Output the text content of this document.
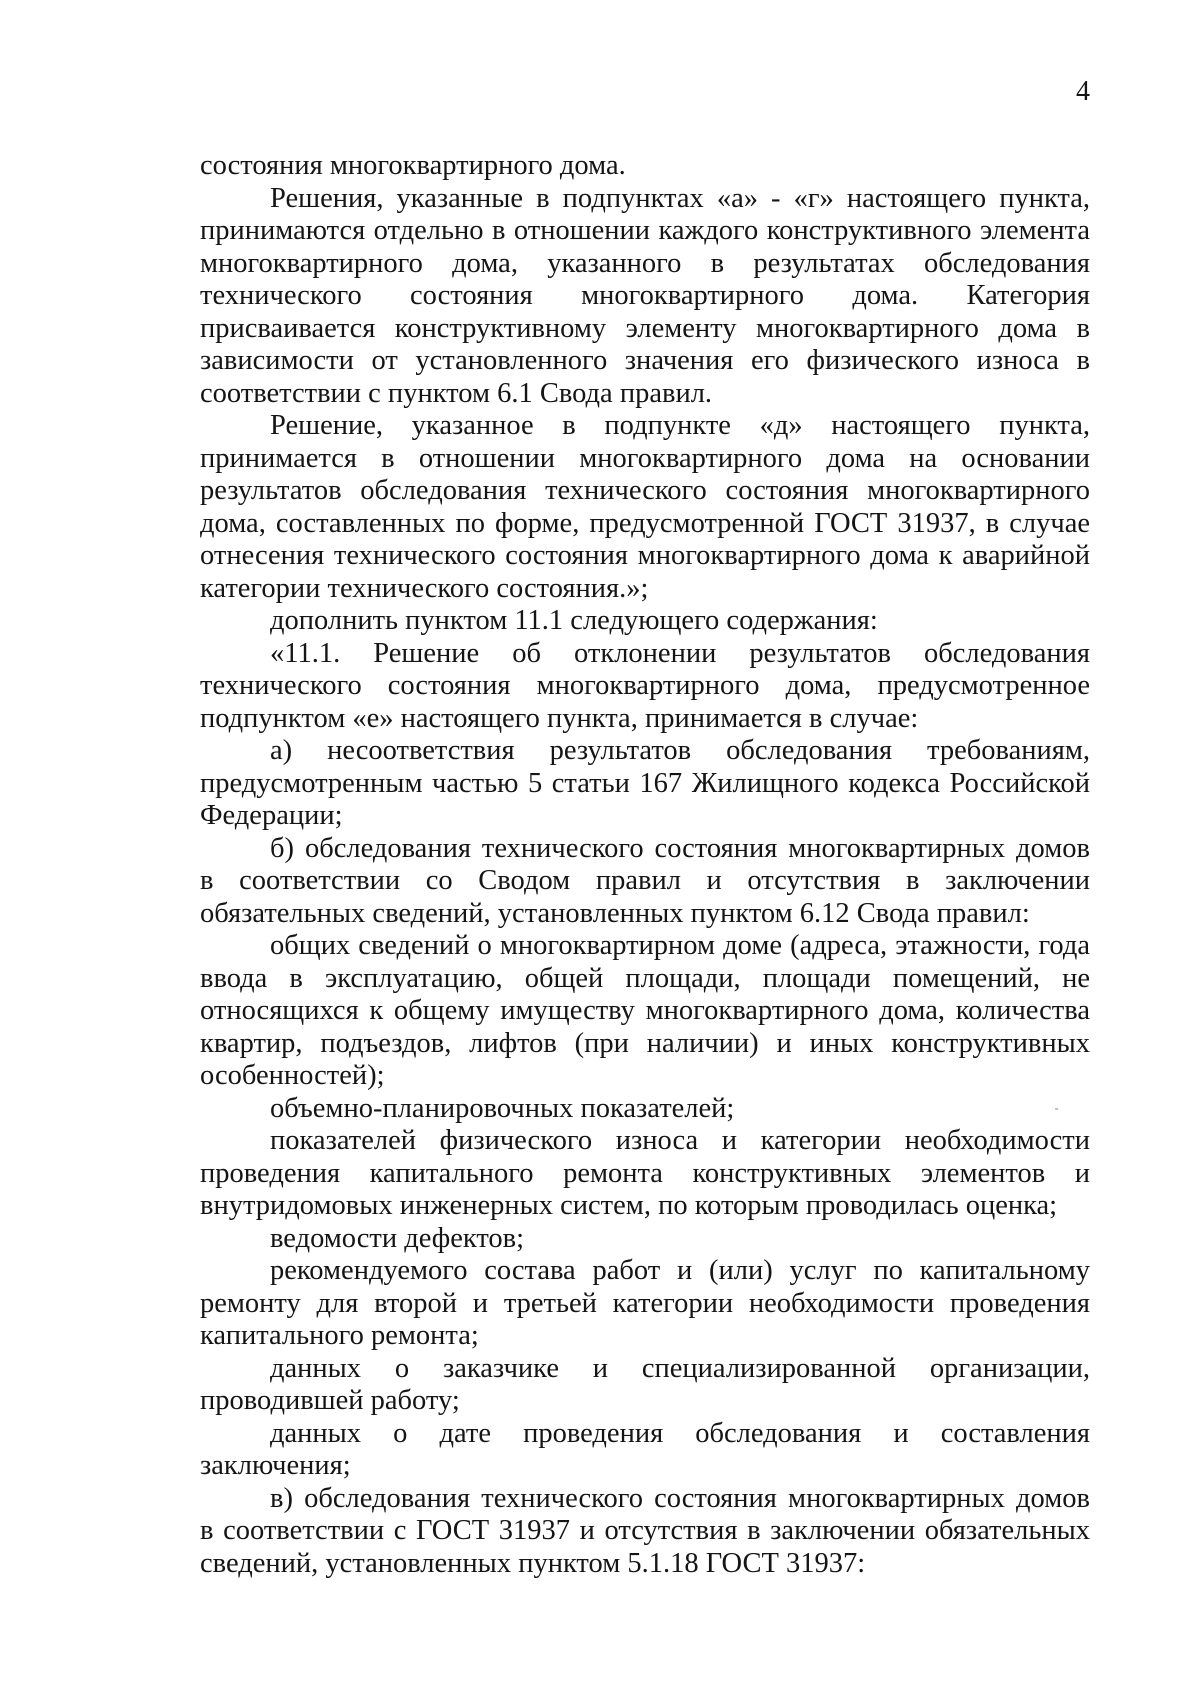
4

состояния многоквартирного дома.

Решения, указанные в подпунктах «а» - «г» настоящего пункта, принимаются отдельно в отношении каждого конструктивного элемента многоквартирного дома, указанного в результатах обследования технического состояния многоквартирного дома. Категория присваивается конструктивному элементу многоквартирного дома в зависимости от установленного значения его физического износа в соответствии с пунктом 6.1 Свода правил.

Решение, указанное в подпункте «д» настоящего пункта, принимается в отношении многоквартирного дома на основании результатов обследования технического состояния многоквартирного дома, составленных по форме, предусмотренной ГОСТ 31937, в случае отнесения технического состояния многоквартирного дома к аварийной категории технического состояния.»;

дополнить пунктом 11.1 следующего содержания:

«11.1. Решение об отклонении результатов обследования технического состояния многоквартирного дома, предусмотренное подпунктом «е» настоящего пункта, принимается в случае:

а) несоответствия результатов обследования требованиям, предусмотренным частью 5 статьи 167 Жилищного кодекса Российской Федерации;

б) обследования технического состояния многоквартирных домов в соответствии со Сводом правил и отсутствия в заключении обязательных сведений, установленных пунктом 6.12 Свода правил:

общих сведений о многоквартирном доме (адреса, этажности, года ввода в эксплуатацию, общей площади, площади помещений, не относящихся к общему имуществу многоквартирного дома, количества квартир, подъездов, лифтов (при наличии) и иных конструктивных особенностей);

объемно-планировочных показателей;

показателей физического износа и категории необходимости проведения капитального ремонта конструктивных элементов и внутридомовых инженерных систем, по которым проводилась оценка;

ведомости дефектов;

рекомендуемого состава работ и (или) услуг по капитальному ремонту для второй и третьей категории необходимости проведения капитального ремонта;

данных о заказчике и специализированной организации, проводившей работу;

данных о дате проведения обследования и составления заключения;

в) обследования технического состояния многоквартирных домов в соответствии с ГОСТ 31937 и отсутствия в заключении обязательных сведений, установленных пунктом 5.1.18 ГОСТ 31937:
